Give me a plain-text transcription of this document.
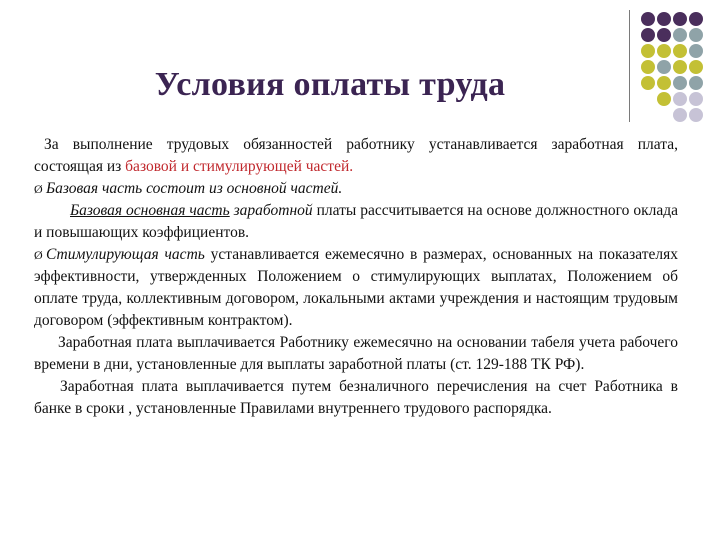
Условия оплаты труда

За выполнение трудовых обязанностей работнику устанавливается заработная плата, состоящая из базовой и стимулирующей частей.

Ø Базовая часть состоит из основной частей.

Базовая основная часть заработной платы рассчитывается на основе должностного оклада и повышающих коэффициентов.

Ø Стимулирующая часть устанавливается ежемесячно в размерах, основанных на показателях эффективности, утвержденных Положением о стимулирующих выплатах, Положением об оплате труда, коллективным договором, локальными актами учреждения и настоящим трудовым договором (эффективным контрактом).

Заработная плата выплачивается Работнику ежемесячно на основании табеля учета рабочего времени в дни, установленные для выплаты заработной платы (ст. 129-188 ТК РФ).

Заработная плата выплачивается путем безналичного перечисления на счет Работника в банке в сроки , установленные Правилами внутреннего трудового распорядка.
